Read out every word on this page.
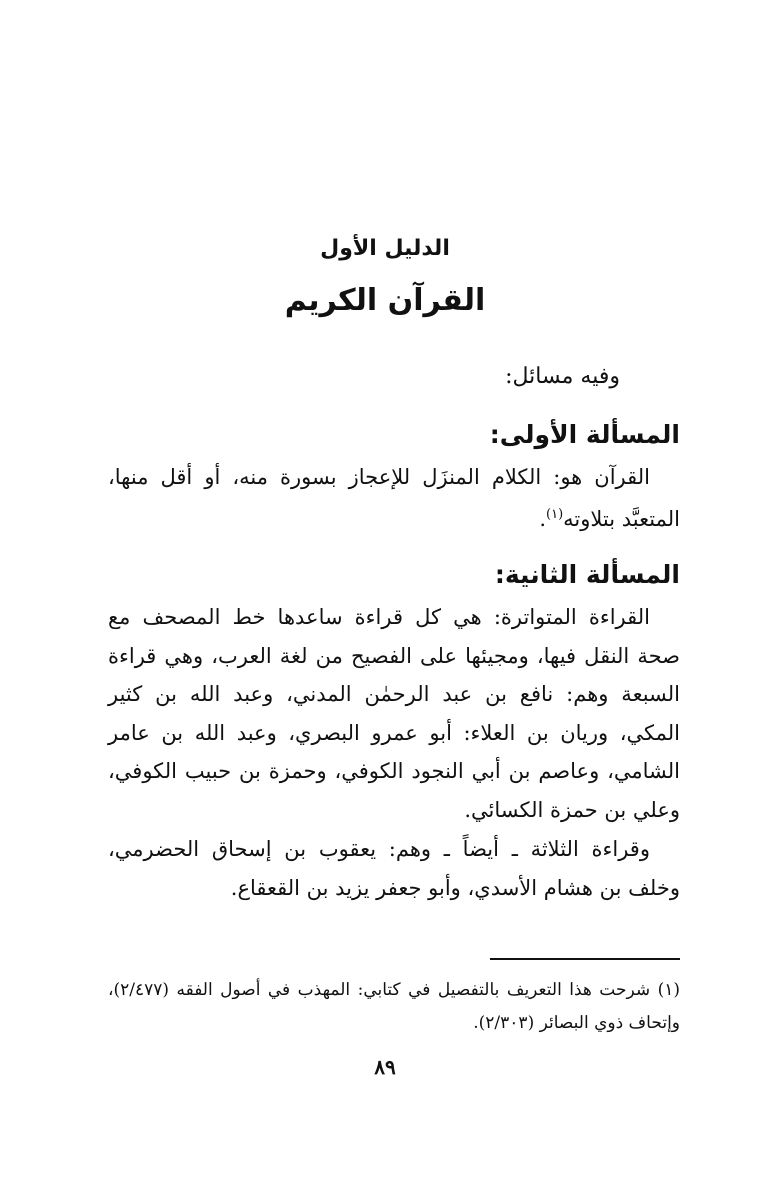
الدليل الأول
القرآن الكريم
وفيه مسائل:
المسألة الأولى:

القرآن هو: الكلام المنزَل للإعجاز بسورة منه، أو أقل منها، المتعبَّد بتلاوته$^{(١)}$.

المسألة الثانية:

القراءة المتواترة: هي كل قراءة ساعدها خط المصحف مع صحة النقل فيها، ومجيئها على الفصيح من لغة العرب، وهي قراءة السبعة وهم: نافع بن عبد الرحمٰن المدني، وعبد الله بن كثير المكي، وريان بن العلاء: أبو عمرو البصري، وعبد الله بن عامر الشامي، وعاصم بن أبي النجود الكوفي، وحمزة بن حبيب الكوفي، وعلي بن حمزة الكسائي.

وقراءة الثلاثة ـ أيضاً ـ وهم: يعقوب بن إسحاق الحضرمي، وخلف بن هشام الأسدي، وأبو جعفر يزيد بن القعقاع.

(١) شرحت هذا التعريف بالتفصيل في كتابي: المهذب في أصول الفقه (٢/٤٧٧)، وإتحاف ذوي البصائر (٢/٣٠٣).

٨٩
